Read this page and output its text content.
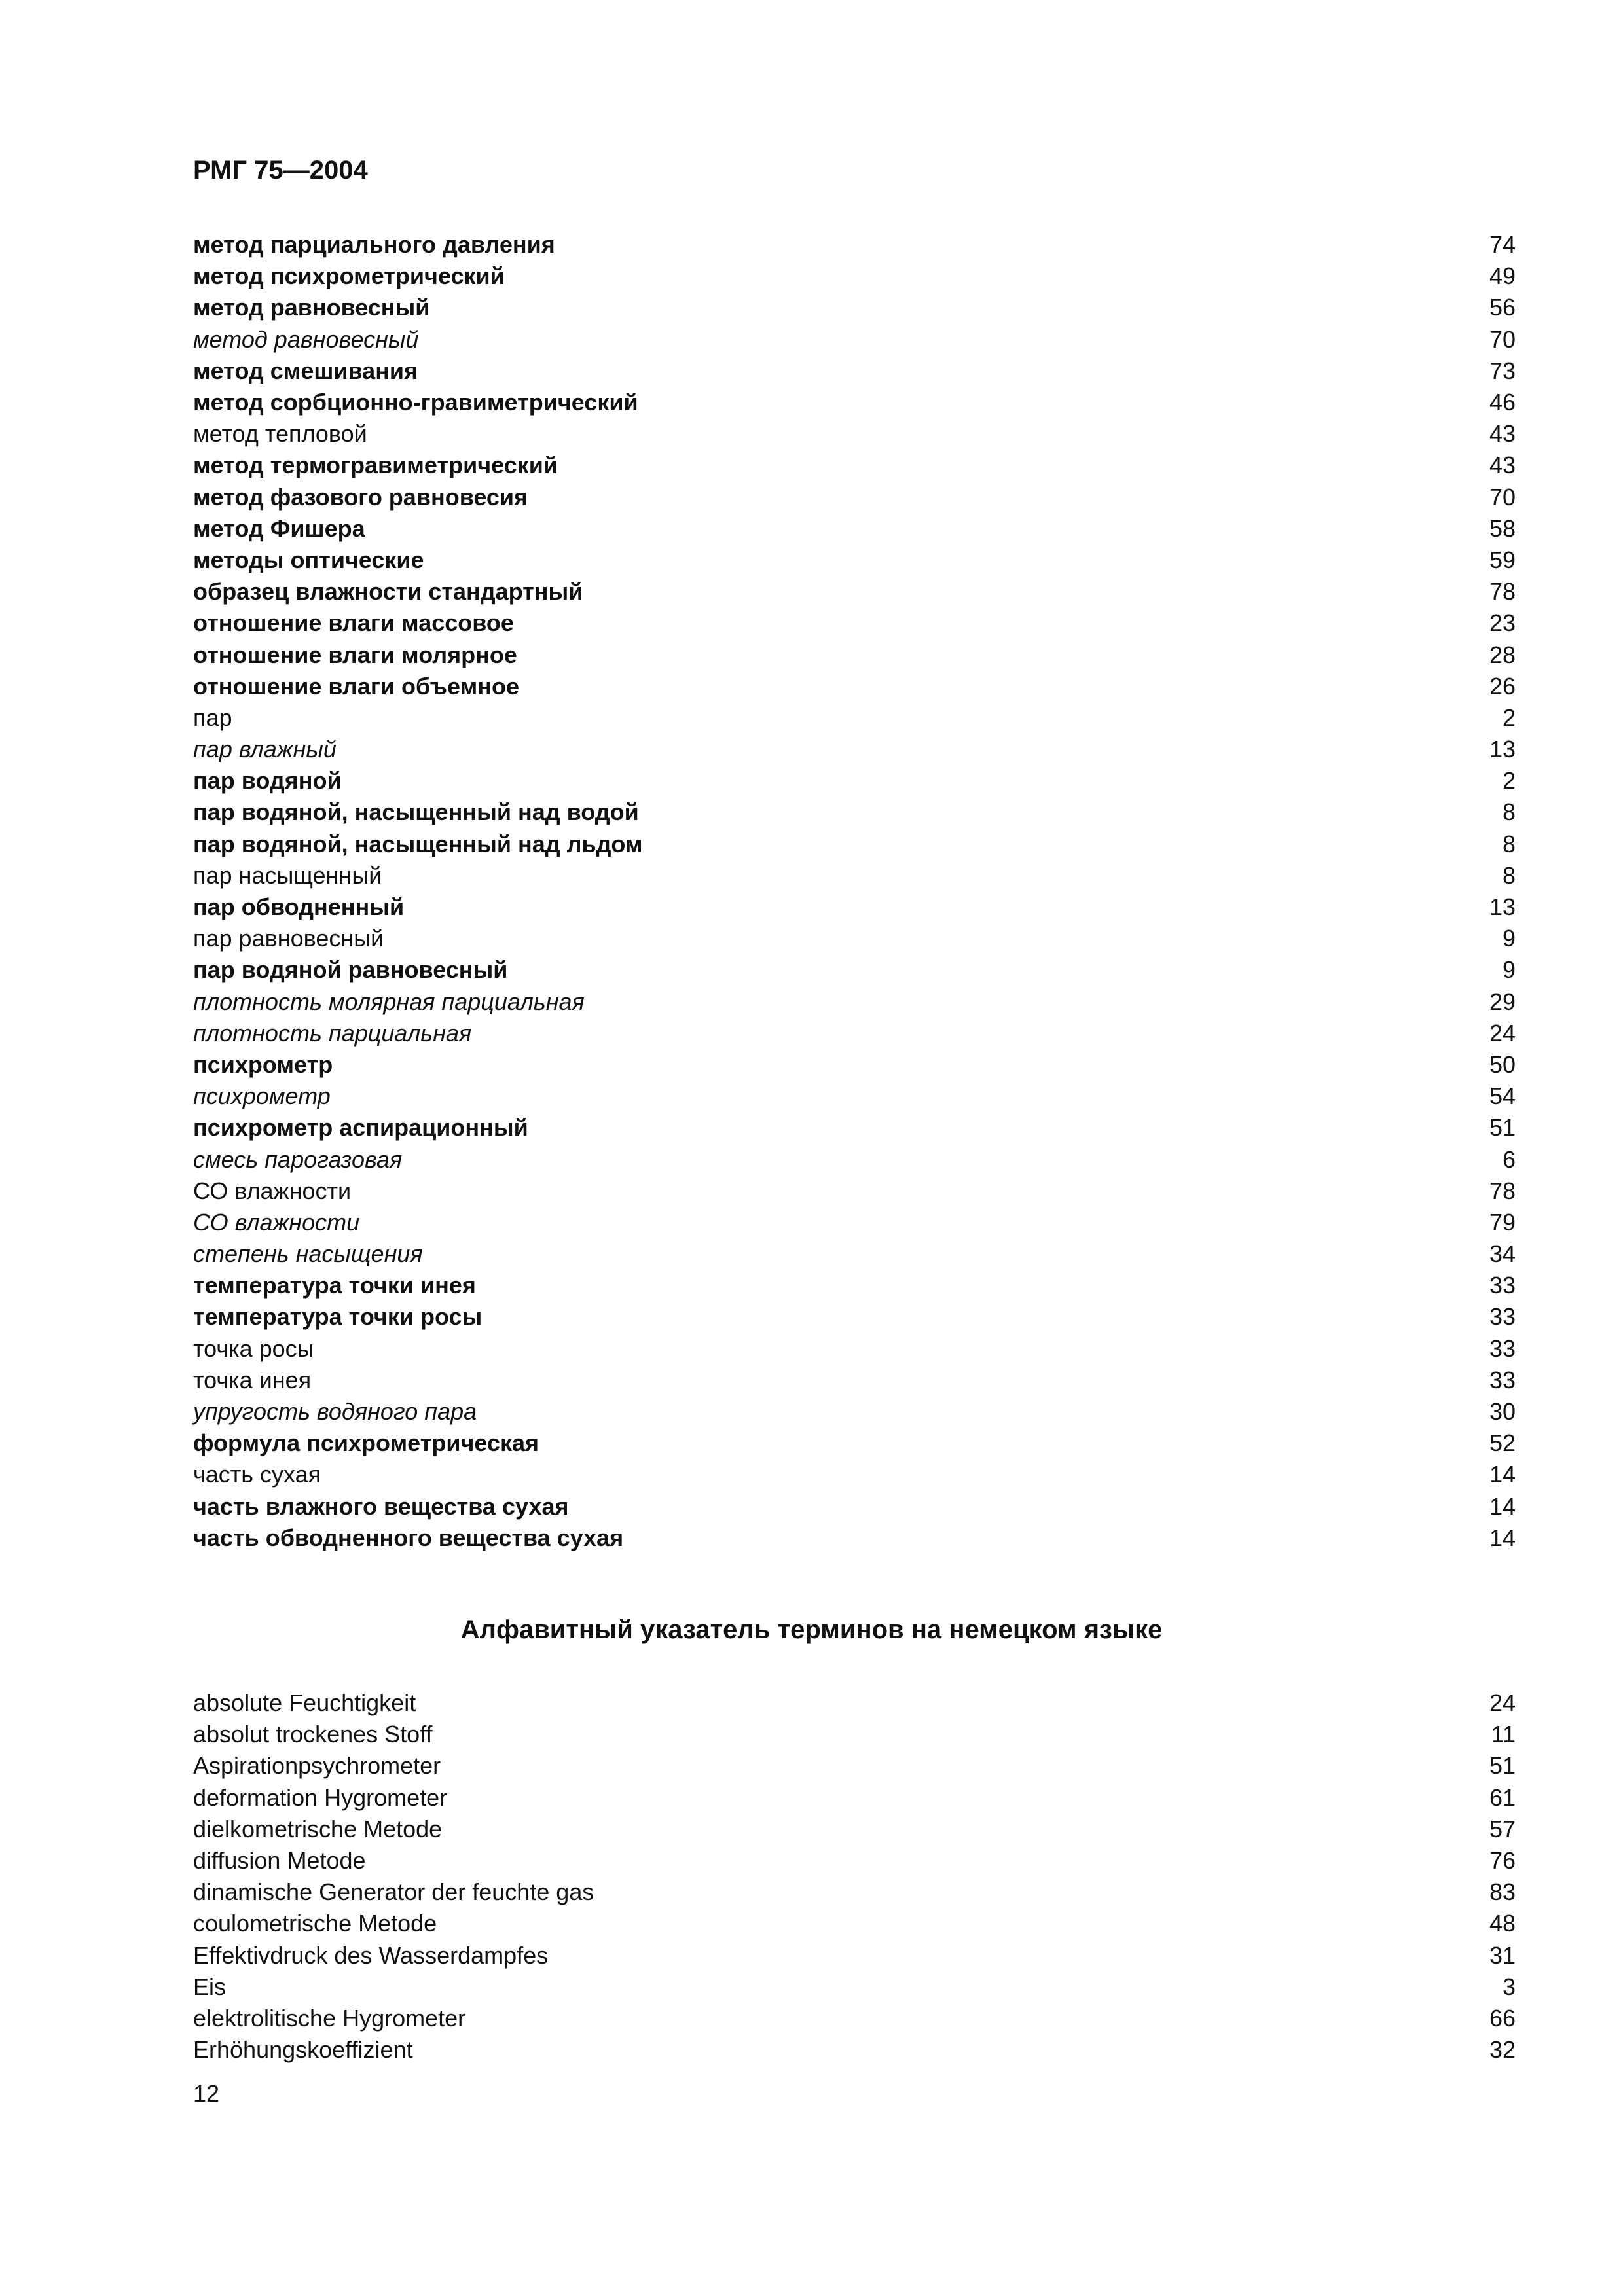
РМГ 75—2004
метод парциального давления	74
метод психрометрический	49
метод равновесный	56
метод равновесный	70
метод смешивания	73
метод сорбционно-гравиметрический	46
метод тепловой	43
метод термогравиметрический	43
метод фазового равновесия	70
метод Фишера	58
методы оптические	59
образец влажности стандартный	78
отношение влаги массовое	23
отношение влаги молярное	28
отношение влаги объемное	26
пар	2
пар влажный	13
пар водяной	2
пар водяной, насыщенный над водой	8
пар водяной, насыщенный над льдом	8
пар насыщенный	8
пар обводненный	13
пар равновесный	9
пар водяной равновесный	9
плотность молярная парциальная	29
плотность парциальная	24
психрометр	50
психрометр	54
психрометр аспирационный	51
смесь парогазовая	6
СО влажности	78
СО влажности	79
степень насыщения	34
температура точки инея	33
температура точки росы	33
точка росы	33
точка инея	33
упругость водяного пара	30
формула психрометрическая	52
часть сухая	14
часть влажного вещества сухая	14
часть обводненного вещества сухая	14
Алфавитный указатель терминов на немецком языке
absolute Feuchtigkeit	24
absolut trockenes Stoff	11
Aspirationpsychrometer	51
deformation Hygrometer	61
dielkometrische Metode	57
diffusion Metode	76
dinamische Generator der feuchte gas	83
coulometrische Metode	48
Effektivdruck des Wasserdampfes	31
Eis	3
elektrolitische Hygrometer	66
Erhöhungskoeffizient	32
12
